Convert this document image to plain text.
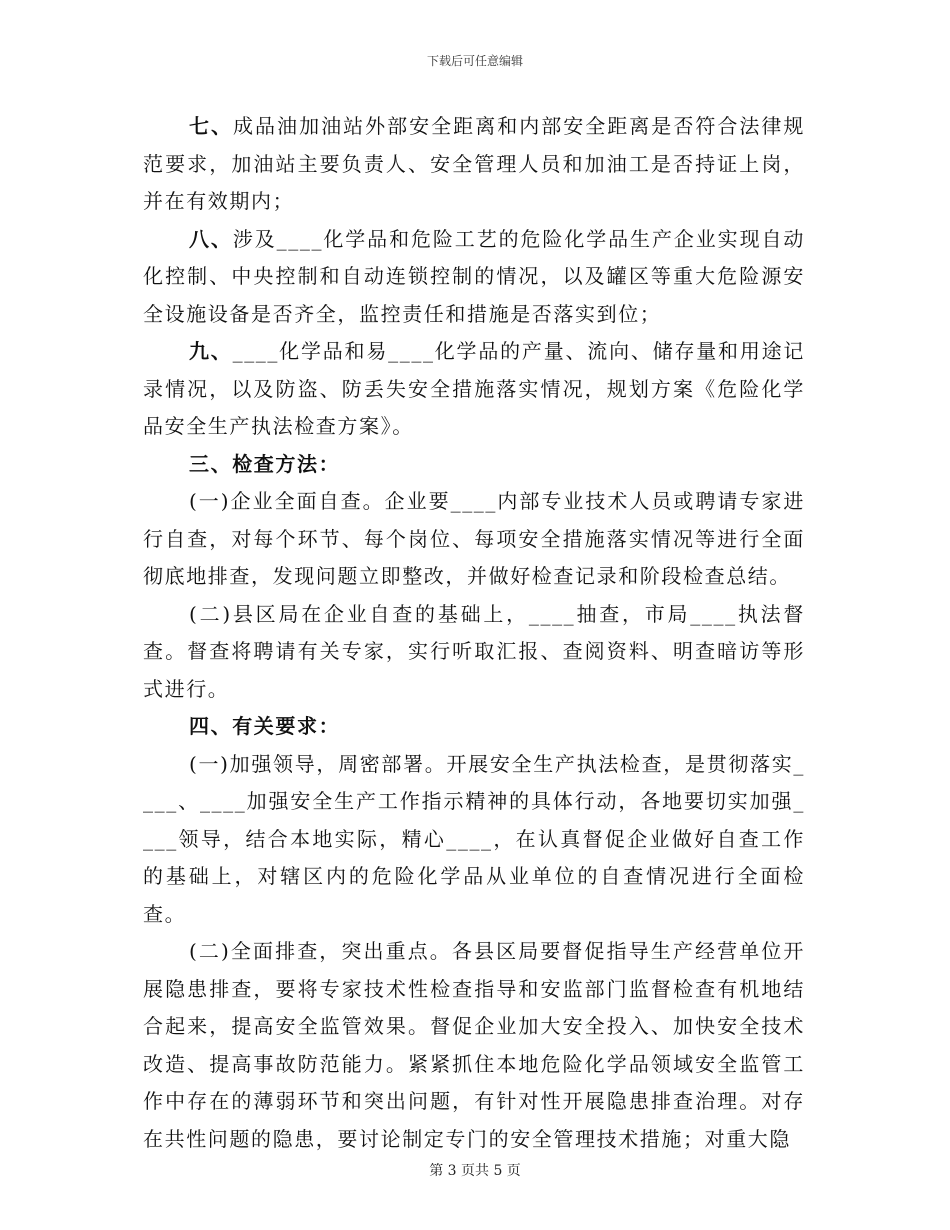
下载后可任意编辑

七、成品油加油站外部安全距离和内部安全距离是否符合法律规范要求，加油站主要负责人、安全管理人员和加油工是否持证上岗，并在有效期内；

八、涉及____化学品和危险工艺的危险化学品生产企业实现自动化控制、中央控制和自动连锁控制的情况，以及罐区等重大危险源安全设施设备是否齐全，监控责任和措施是否落实到位；

九、____化学品和易____化学品的产量、流向、储存量和用途记录情况，以及防盗、防丢失安全措施落实情况，规划方案《危险化学品安全生产执法检查方案》。

三、检查方法：

(一)企业全面自查。企业要____内部专业技术人员或聘请专家进行自查，对每个环节、每个岗位、每项安全措施落实情况等进行全面彻底地排查，发现问题立即整改，并做好检查记录和阶段检查总结。

(二)县区局在企业自查的基础上，____抽查，市局____执法督查。督查将聘请有关专家，实行听取汇报、查阅资料、明查暗访等形式进行。

四、有关要求：

(一)加强领导，周密部署。开展安全生产执法检查，是贯彻落实____、____加强安全生产工作指示精神的具体行动，各地要切实加强____领导，结合本地实际，精心____，在认真督促企业做好自查工作的基础上，对辖区内的危险化学品从业单位的自查情况进行全面检查。

(二)全面排查，突出重点。各县区局要督促指导生产经营单位开展隐患排查，要将专家技术性检查指导和安监部门监督检查有机地结合起来，提高安全监管效果。督促企业加大安全投入、加快安全技术改造、提高事故防范能力。紧紧抓住本地危险化学品领域安全监管工作中存在的薄弱环节和突出问题，有针对性开展隐患排查治理。对存在共性问题的隐患，要讨论制定专门的安全管理技术措施；对重大隐

第 3 页共 5 页
